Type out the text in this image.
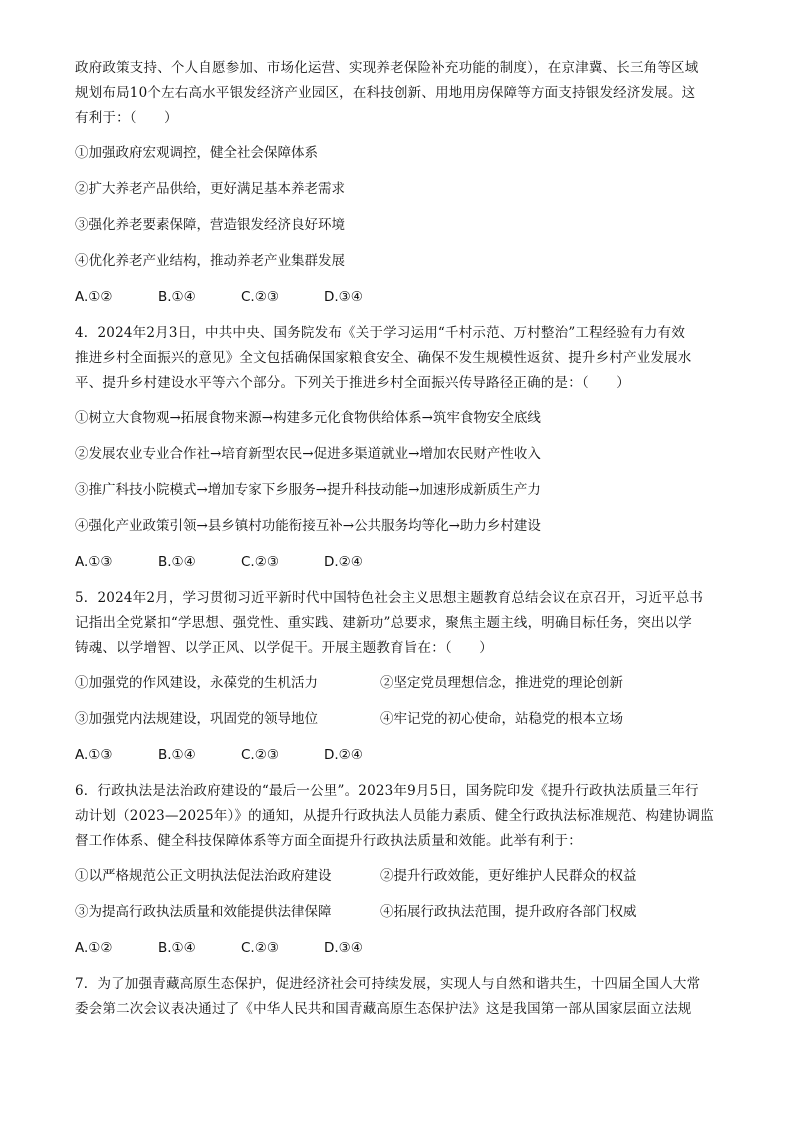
政府政策支持、个人自愿参加、市场化运营、实现养老保险补充功能的制度），在京津冀、长三角等区域

规划布局10个左右高水平银发经济产业园区，在科技创新、用地用房保障等方面支持银发经济发展。这

有利于：（　　）

①加强政府宏观调控，健全社会保障体系

②扩大养老产品供给，更好满足基本养老需求

③强化养老要素保障，营造银发经济良好环境

④优化养老产业结构，推动养老产业集群发展

A.①②	B.①④	C.②③	D.③④

4．2024年2月3日，中共中央、国务院发布《关于学习运用“千村示范、万村整治”工程经验有力有效

推进乡村全面振兴的意见》全文包括确保国家粮食安全、确保不发生规模性返贫、提升乡村产业发展水

平、提升乡村建设水平等六个部分。下列关于推进乡村全面振兴传导路径正确的是：（　　）

①树立大食物观→拓展食物来源→构建多元化食物供给体系→筑牢食物安全底线

②发展农业专业合作社→培育新型农民→促进多渠道就业→增加农民财产性收入

③推广科技小院模式→增加专家下乡服务→提升科技动能→加速形成新质生产力

④强化产业政策引领→县乡镇村功能衔接互补→公共服务均等化→助力乡村建设

A.①③	B.①④	C.②③	D.②④

5．2024年2月，学习贯彻习近平新时代中国特色社会主义思想主题教育总结会议在京召开，习近平总书

记指出全党紧扣“学思想、强党性、重实践、建新功”总要求，聚焦主题主线，明确目标任务，突出以学

铸魂、以学增智、以学正风、以学促干。开展主题教育旨在：（　　）

①加强党的作风建设，永葆党的生机活力	②坚定党员理想信念，推进党的理论创新

③加强党内法规建设，巩固党的领导地位	④牢记党的初心使命，站稳党的根本立场

A.①③	B.①④	C.②③	D.②④

6．行政执法是法治政府建设的“最后一公里”。2023年9月5日，国务院印发《提升行政执法质量三年行

动计划（2023—2025年）》的通知，从提升行政执法人员能力素质、健全行政执法标准规范、构建协调监

督工作体系、健全科技保障体系等方面全面提升行政执法质量和效能。此举有利于：

①以严格规范公正文明执法促法治政府建设	②提升行政效能，更好维护人民群众的权益

③为提高行政执法质量和效能提供法律保障	④拓展行政执法范围，提升政府各部门权威

A.①②	B.①④	C.②③	D.③④

7．为了加强青藏高原生态保护，促进经济社会可持续发展，实现人与自然和谐共生，十四届全国人大常

委会第二次会议表决通过了《中华人民共和国青藏高原生态保护法》这是我国第一部从国家层面立法规
